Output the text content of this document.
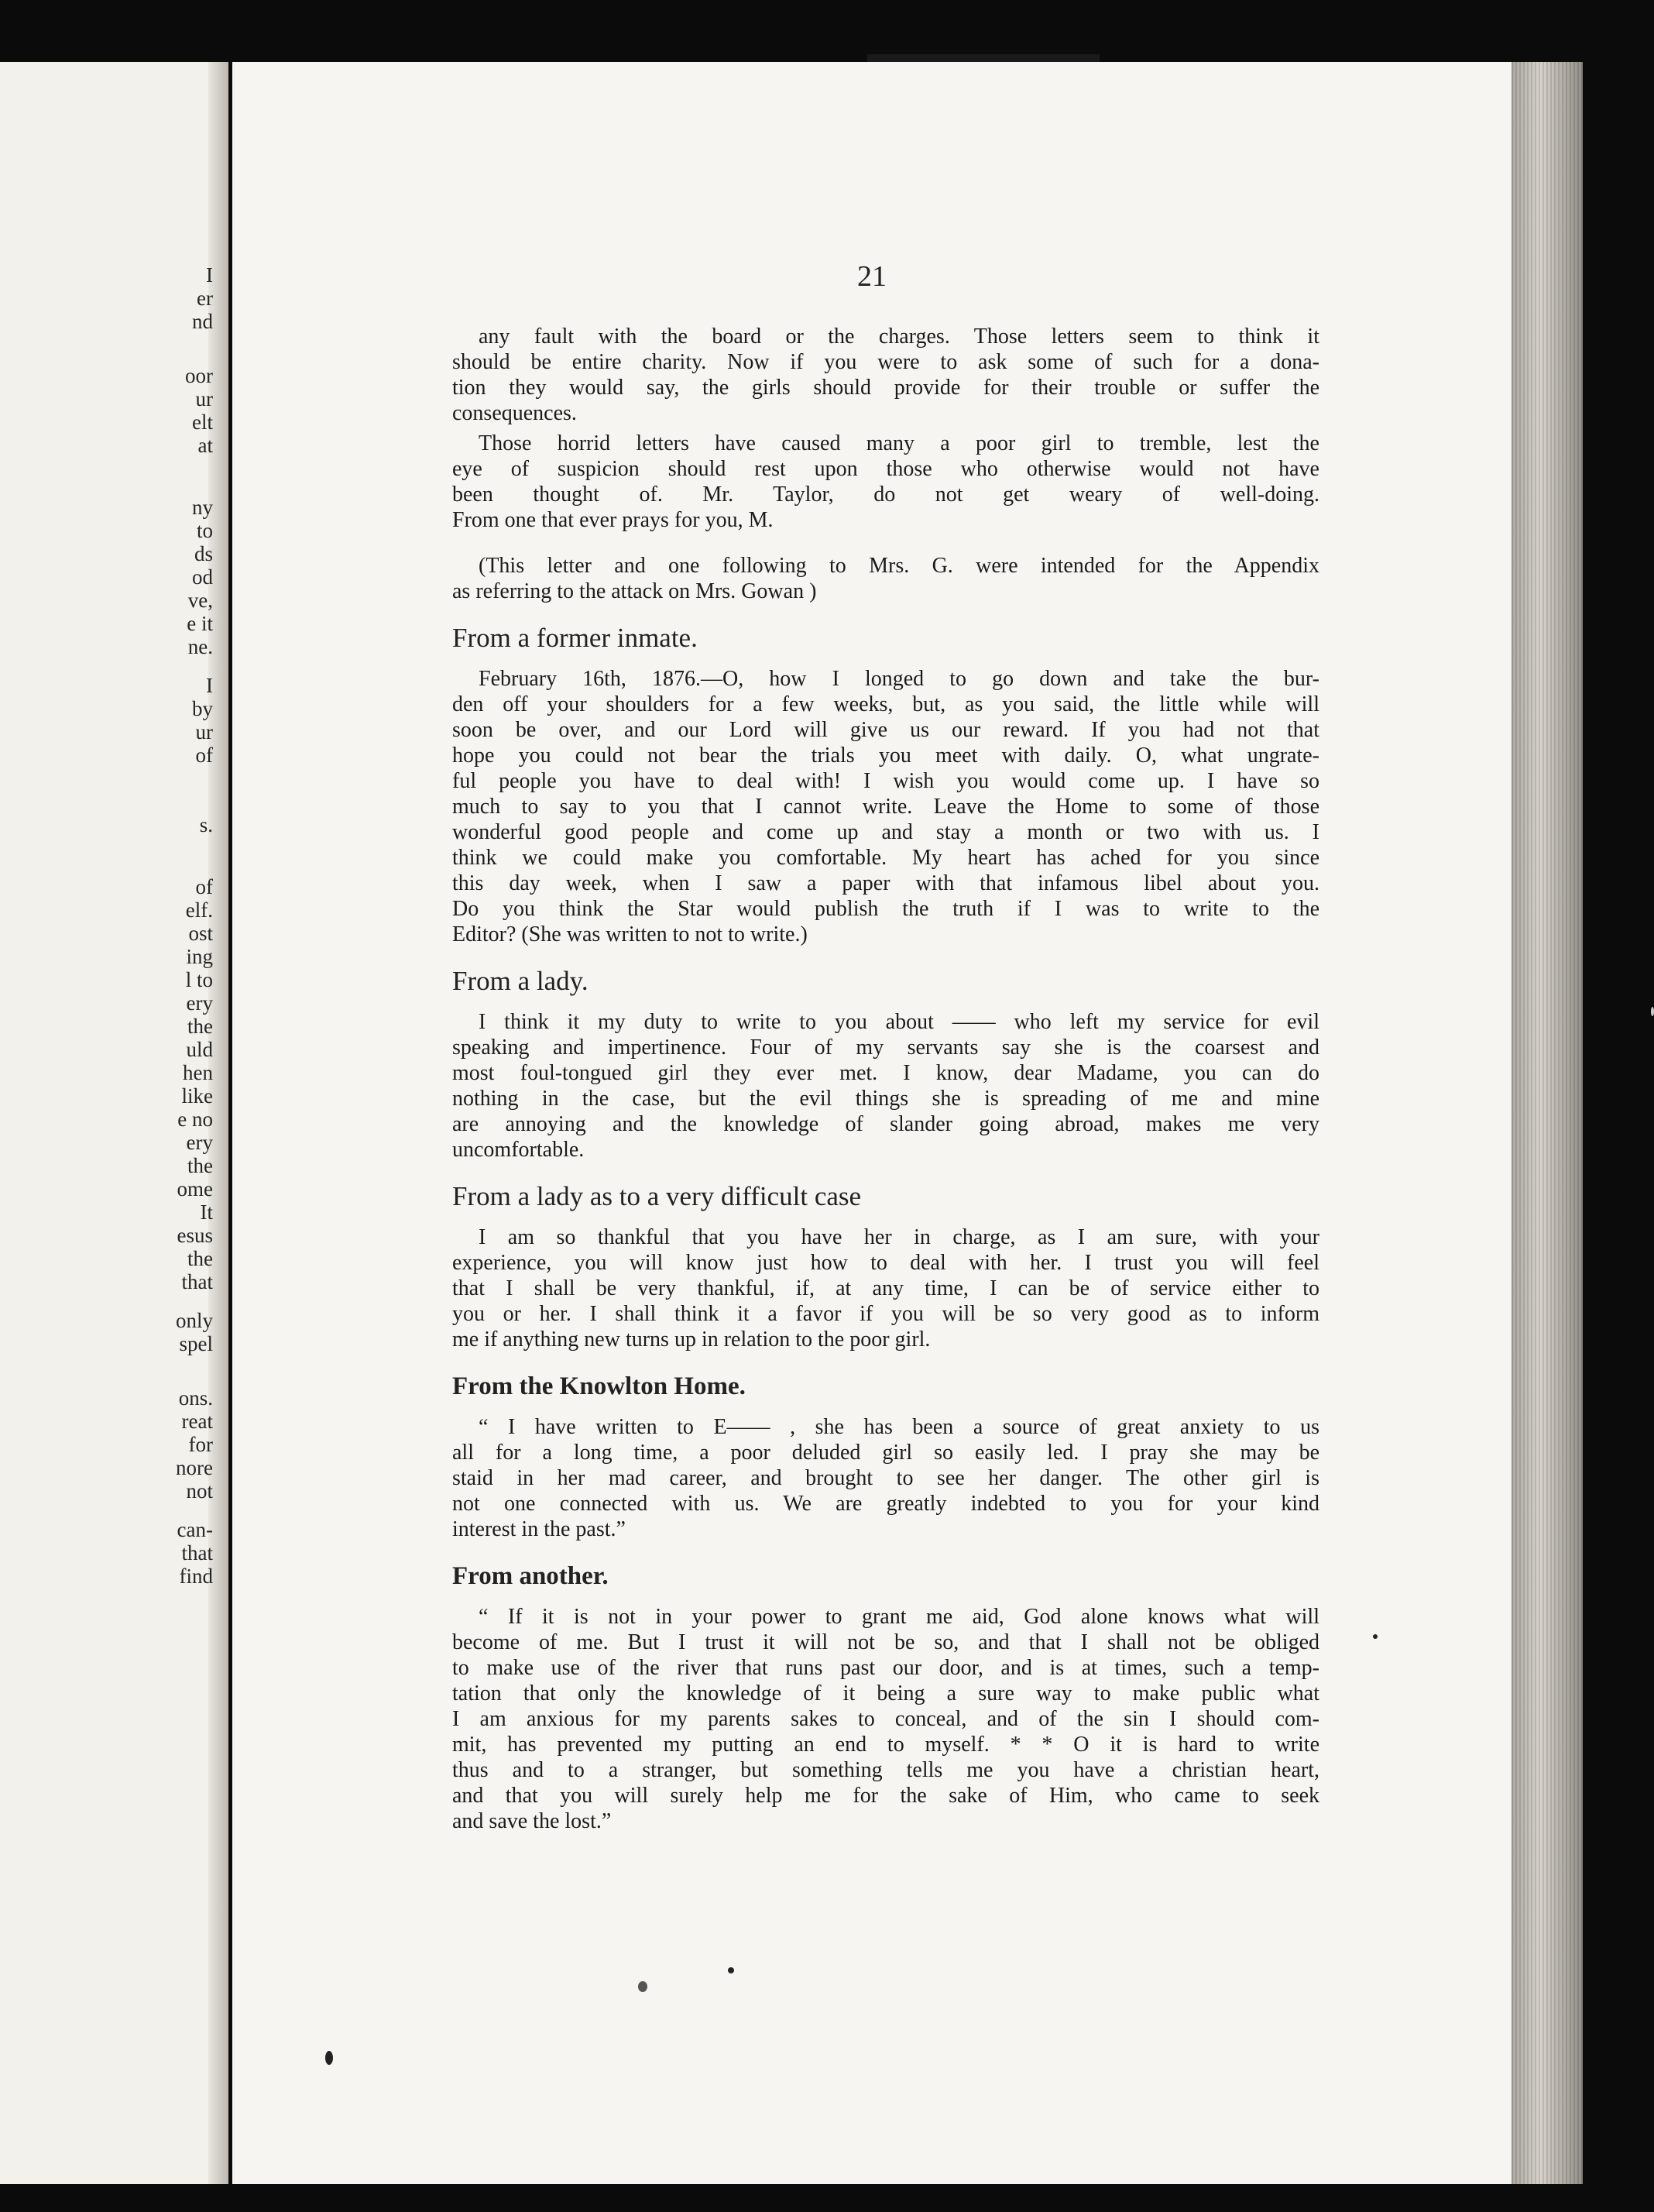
I
er
nd
oor
ur
elt
at
ny
to
ds
od
ve,
e it
ne.
I
by
ur
of
s.
of
elf.
ost
ing
l to
ery
the
uld
hen
like
e no
ery
the
ome
It
esus
the
that
only
spel
ons.
reat
for
nore
not
can-
that
find
21
any fault with the board or the charges. Those letters seem to think it
should be entire charity. Now if you were to ask some of such for a dona-
tion they would say, the girls should provide for their trouble or suffer the
consequences.
Those horrid letters have caused many a poor girl to tremble, lest the
eye of suspicion should rest upon those who otherwise would not have
been thought of. Mr. Taylor, do not get weary of well-doing.
From one that ever prays for you, M.
(This letter and one following to Mrs. G. were intended for the Appendix
as referring to the attack on Mrs. Gowan )
From a former inmate.
February 16th, 1876.—O, how I longed to go down and take the bur-
den off your shoulders for a few weeks, but, as you said, the little while will
soon be over, and our Lord will give us our reward. If you had not that
hope you could not bear the trials you meet with daily. O, what ungrate-
ful people you have to deal with! I wish you would come up. I have so
much to say to you that I cannot write. Leave the Home to some of those
wonderful good people and come up and stay a month or two with us. I
think we could make you comfortable. My heart has ached for you since
this day week, when I saw a paper with that infamous libel about you.
Do you think the Star would publish the truth if I was to write to the
Editor? (She was written to not to write.)
From a lady.
I think it my duty to write to you about —— who left my service for evil
speaking and impertinence. Four of my servants say she is the coarsest and
most foul-tongued girl they ever met. I know, dear Madame, you can do
nothing in the case, but the evil things she is spreading of me and mine
are annoying and the knowledge of slander going abroad, makes me very
uncomfortable.
From a lady as to a very difficult case
I am so thankful that you have her in charge, as I am sure, with your
experience, you will know just how to deal with her. I trust you will feel
that I shall be very thankful, if, at any time, I can be of service either to
you or her. I shall think it a favor if you will be so very good as to inform
me if anything new turns up in relation to the poor girl.
From the Knowlton Home.
“ I have written to E—— , she has been a source of great anxiety to us
all for a long time, a poor deluded girl so easily led. I pray she may be
staid in her mad career, and brought to see her danger. The other girl is
not one connected with us. We are greatly indebted to you for your kind
interest in the past.”
From another.
“ If it is not in your power to grant me aid, God alone knows what will
become of me. But I trust it will not be so, and that I shall not be obliged
to make use of the river that runs past our door, and is at times, such a temp-
tation that only the knowledge of it being a sure way to make public what
I am anxious for my parents sakes to conceal, and of the sin I should com-
mit, has prevented my putting an end to myself. * * O it is hard to write
thus and to a stranger, but something tells me you have a christian heart,
and that you will surely help me for the sake of Him, who came to seek
and save the lost.”
